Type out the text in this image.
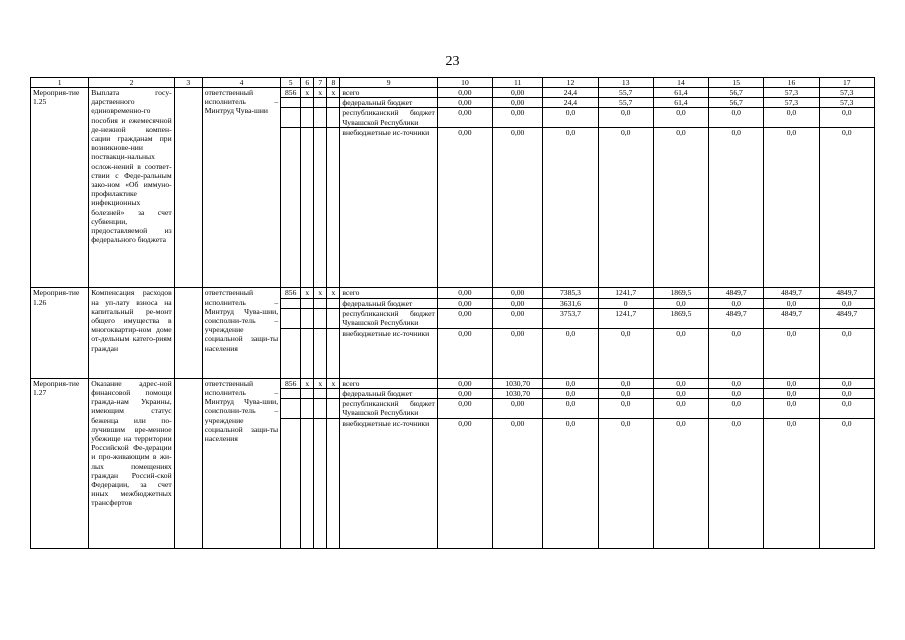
23
1	2	3	4	5	6	7	8	9	10	11	12	13	14	15	16	17
Мероприя-тие 1.25	Выплата госу-дарственного единовременно-го пособия и ежемесячной де-нежной компен-сации гражданам при возникнове-нии поствакци-нальных ослож-нений в соответ-ствии с Феде-ральным зако-ном «Об иммуно-профилактике инфекционных болезней» за счет субвенции, предоставляемой из федерального бюджета		ответственный исполнитель – Минтруд Чува-шии	856	x	x	x	всего	0,00	0,00	24,4	55,7	61,4	56,7	57,3	57,3
								федеральный бюджет	0,00	0,00	24,4	55,7	61,4	56,7	57,3	57,3
								республиканский бюджет Чувашской Республики	0,00	0,00	0,0	0,0	0,0	0,0	0,0	0,0
								внебюджетные ис-точники	0,00	0,00	0,0	0,0	0,0	0,0	0,0	0,0
Мероприя-тие 1.26	Компенсация расходов на уп-лату взноса на капитальный ре-монт общего имущества в многоквартир-ном доме от-дельным катего-риям граждан		ответственный исполнитель – Минтруд Чува-шии, соисполни-тель – учреждение социальной защи-ты населения	856	x	x	x	всего	0,00	0,00	7385,3	1241,7	1869,5	4849,7	4849,7	4849,7
								федеральный бюджет	0,00	0,00	3631,6	0	0,0	0,0	0,0	0,0
								республиканский бюджет Чувашской Республики	0,00	0,00	3753,7	1241,7	1869,5	4849,7	4849,7	4849,7
								внебюджетные ис-точники	0,00	0,00	0,0	0,0	0,0	0,0	0,0	0,0
Мероприя-тие 1.27	Оказание адрес-ной финансовой помощи гражда-нам Украины, имеющим статус беженца или по-лучившим вре-менное убежище на территории Российской Фе-дерации и про-живающим в жи-лых помещениях граждан Россий-ской Федерации, за счет иных межбюджетных трансфертов		ответственный исполнитель – Минтруд Чува-шии, соисполни-тель – учреждение социальной защи-ты населения	856	x	x	x	всего	0,00	1030,70	0,0	0,0	0,0	0,0	0,0	0,0
								федеральный бюджет	0,00	1030,70	0,0	0,0	0,0	0,0	0,0	0,0
								республиканский бюджет Чувашской Республики	0,00	0,00	0,0	0,0	0,0	0,0	0,0	0,0
								внебюджетные ис-точники	0,00	0,00	0,0	0,0	0,0	0,0	0,0	0,0
